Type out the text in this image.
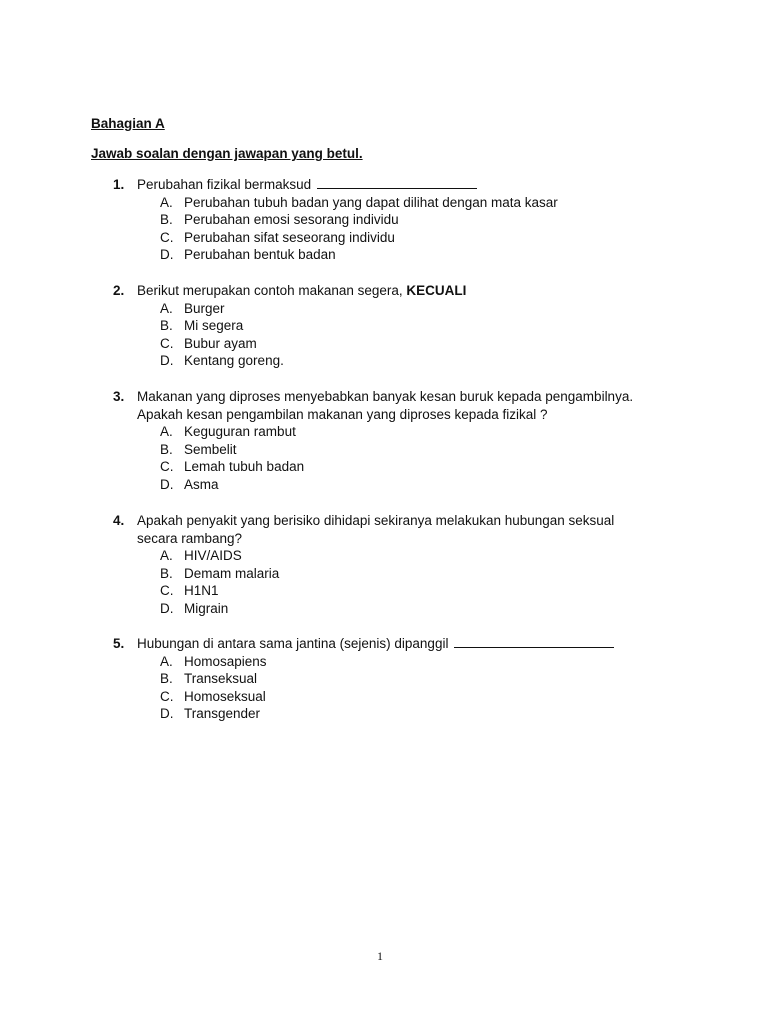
Bahagian A

Jawab soalan dengan jawapan yang betul.

1. Perubahan fizikal bermaksud
A. Perubahan tubuh badan yang dapat dilihat dengan mata kasar
B. Perubahan emosi sesorang individu
C. Perubahan sifat seseorang individu
D. Perubahan bentuk badan
2. Berikut merupakan contoh makanan segera, KECUALI
A. Burger
B. Mi segera
C. Bubur ayam
D. Kentang goreng.
3. Makanan yang diproses menyebabkan banyak kesan buruk kepada pengambilnya.
Apakah kesan pengambilan makanan yang diproses kepada fizikal ?
A. Keguguran rambut
B. Sembelit
C. Lemah tubuh badan
D. Asma
4. Apakah penyakit yang berisiko dihidapi sekiranya melakukan hubungan seksual
secara rambang?
A. HIV/AIDS
B. Demam malaria
C. H1N1
D. Migrain
5. Hubungan di antara sama jantina (sejenis) dipanggil
A. Homosapiens
B. Transeksual
C. Homoseksual
D. Transgender
1
